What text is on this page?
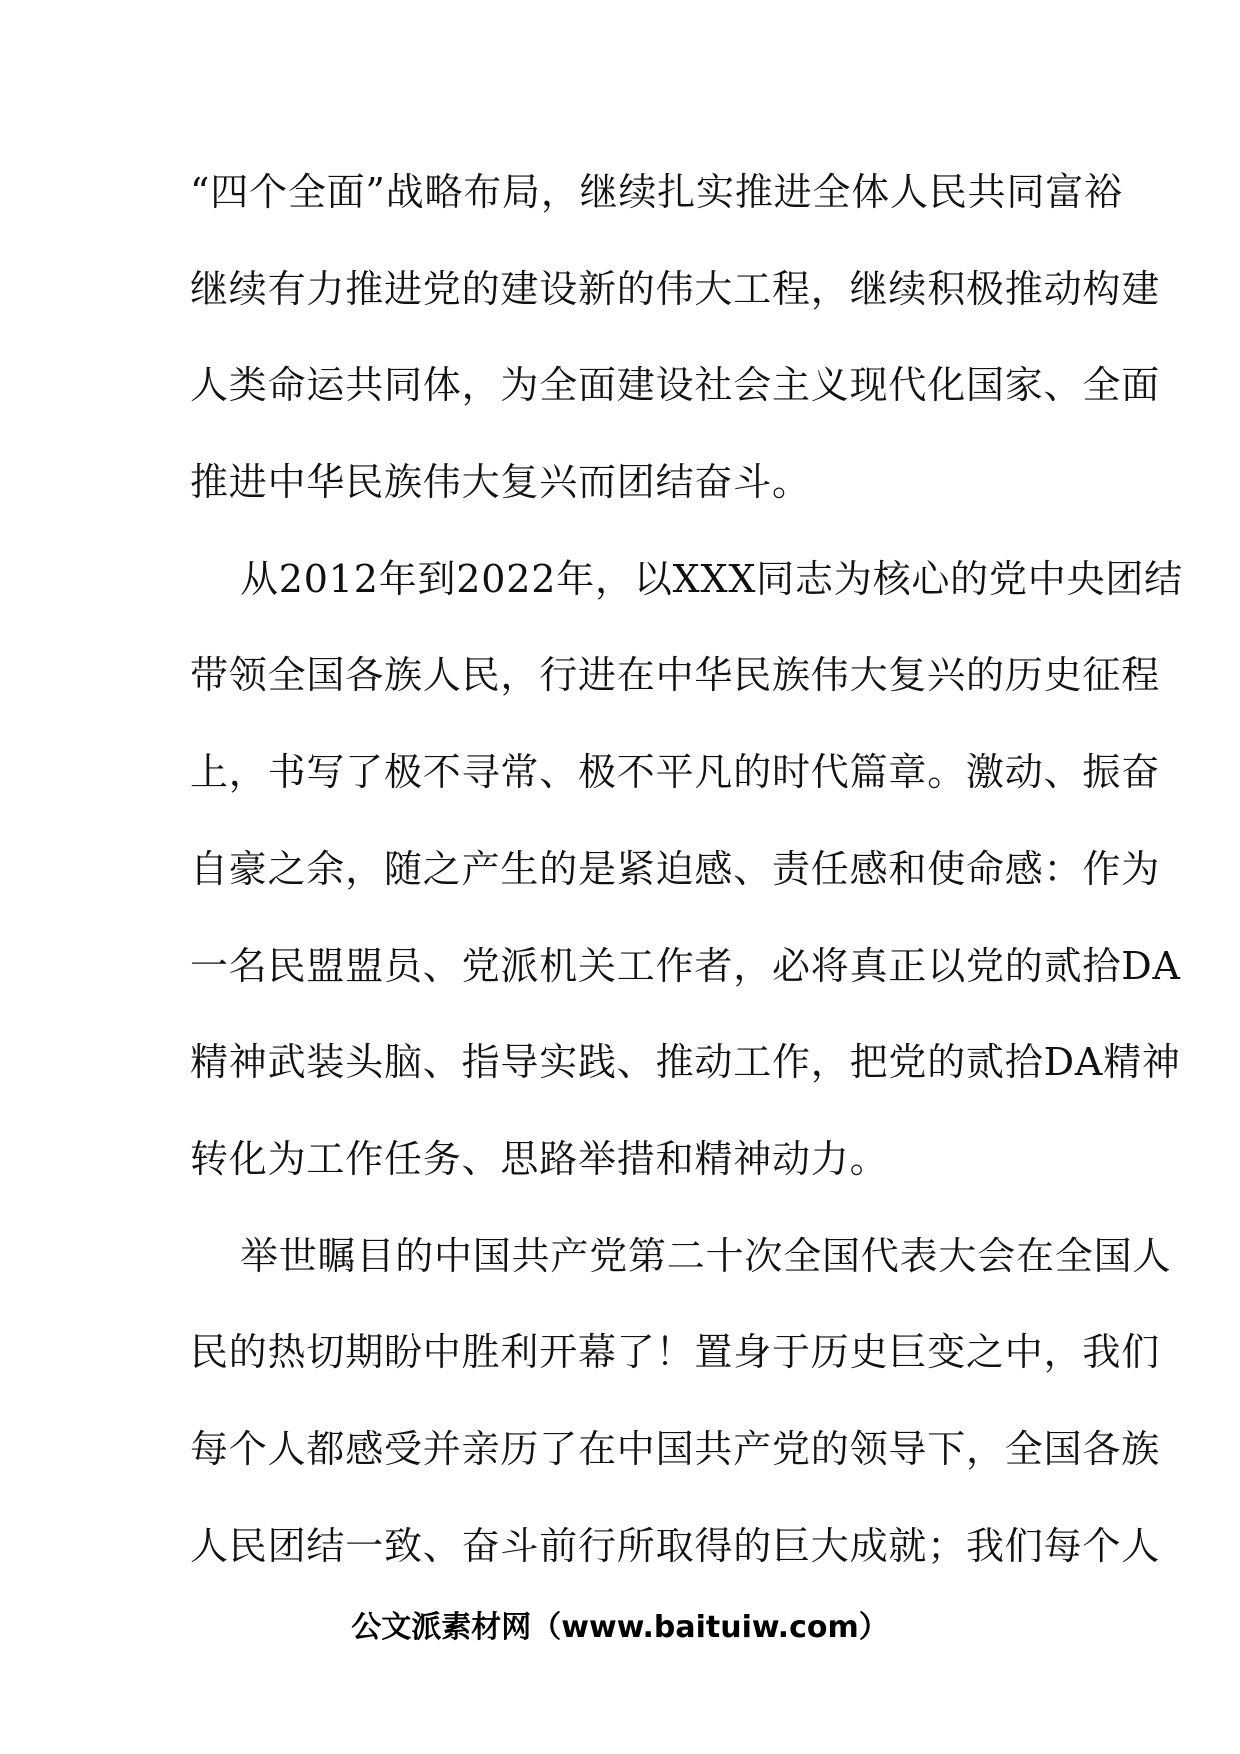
“四个全面”战略布局，继续扎实推进全体人民共同富裕
继续有力推进党的建设新的伟大工程，继续积极推动构建
人类命运共同体，为全面建设社会主义现代化国家、全面
推进中华民族伟大复兴而团结奋斗。
从2012年到2022年，以XXX同志为核心的党中央团结
带领全国各族人民，行进在中华民族伟大复兴的历史征程
上，书写了极不寻常、极不平凡的时代篇章。激动、振奋
自豪之余，随之产生的是紧迫感、责任感和使命感：作为
一名民盟盟员、党派机关工作者，必将真正以党的贰拾DA
精神武装头脑、指导实践、推动工作，把党的贰拾DA精神
转化为工作任务、思路举措和精神动力。
举世瞩目的中国共产党第二十次全国代表大会在全国人
民的热切期盼中胜利开幕了！置身于历史巨变之中，我们
每个人都感受并亲历了在中国共产党的领导下，全国各族
人民团结一致、奋斗前行所取得的巨大成就；我们每个人
公文派素材网（www.baituiw.com）
